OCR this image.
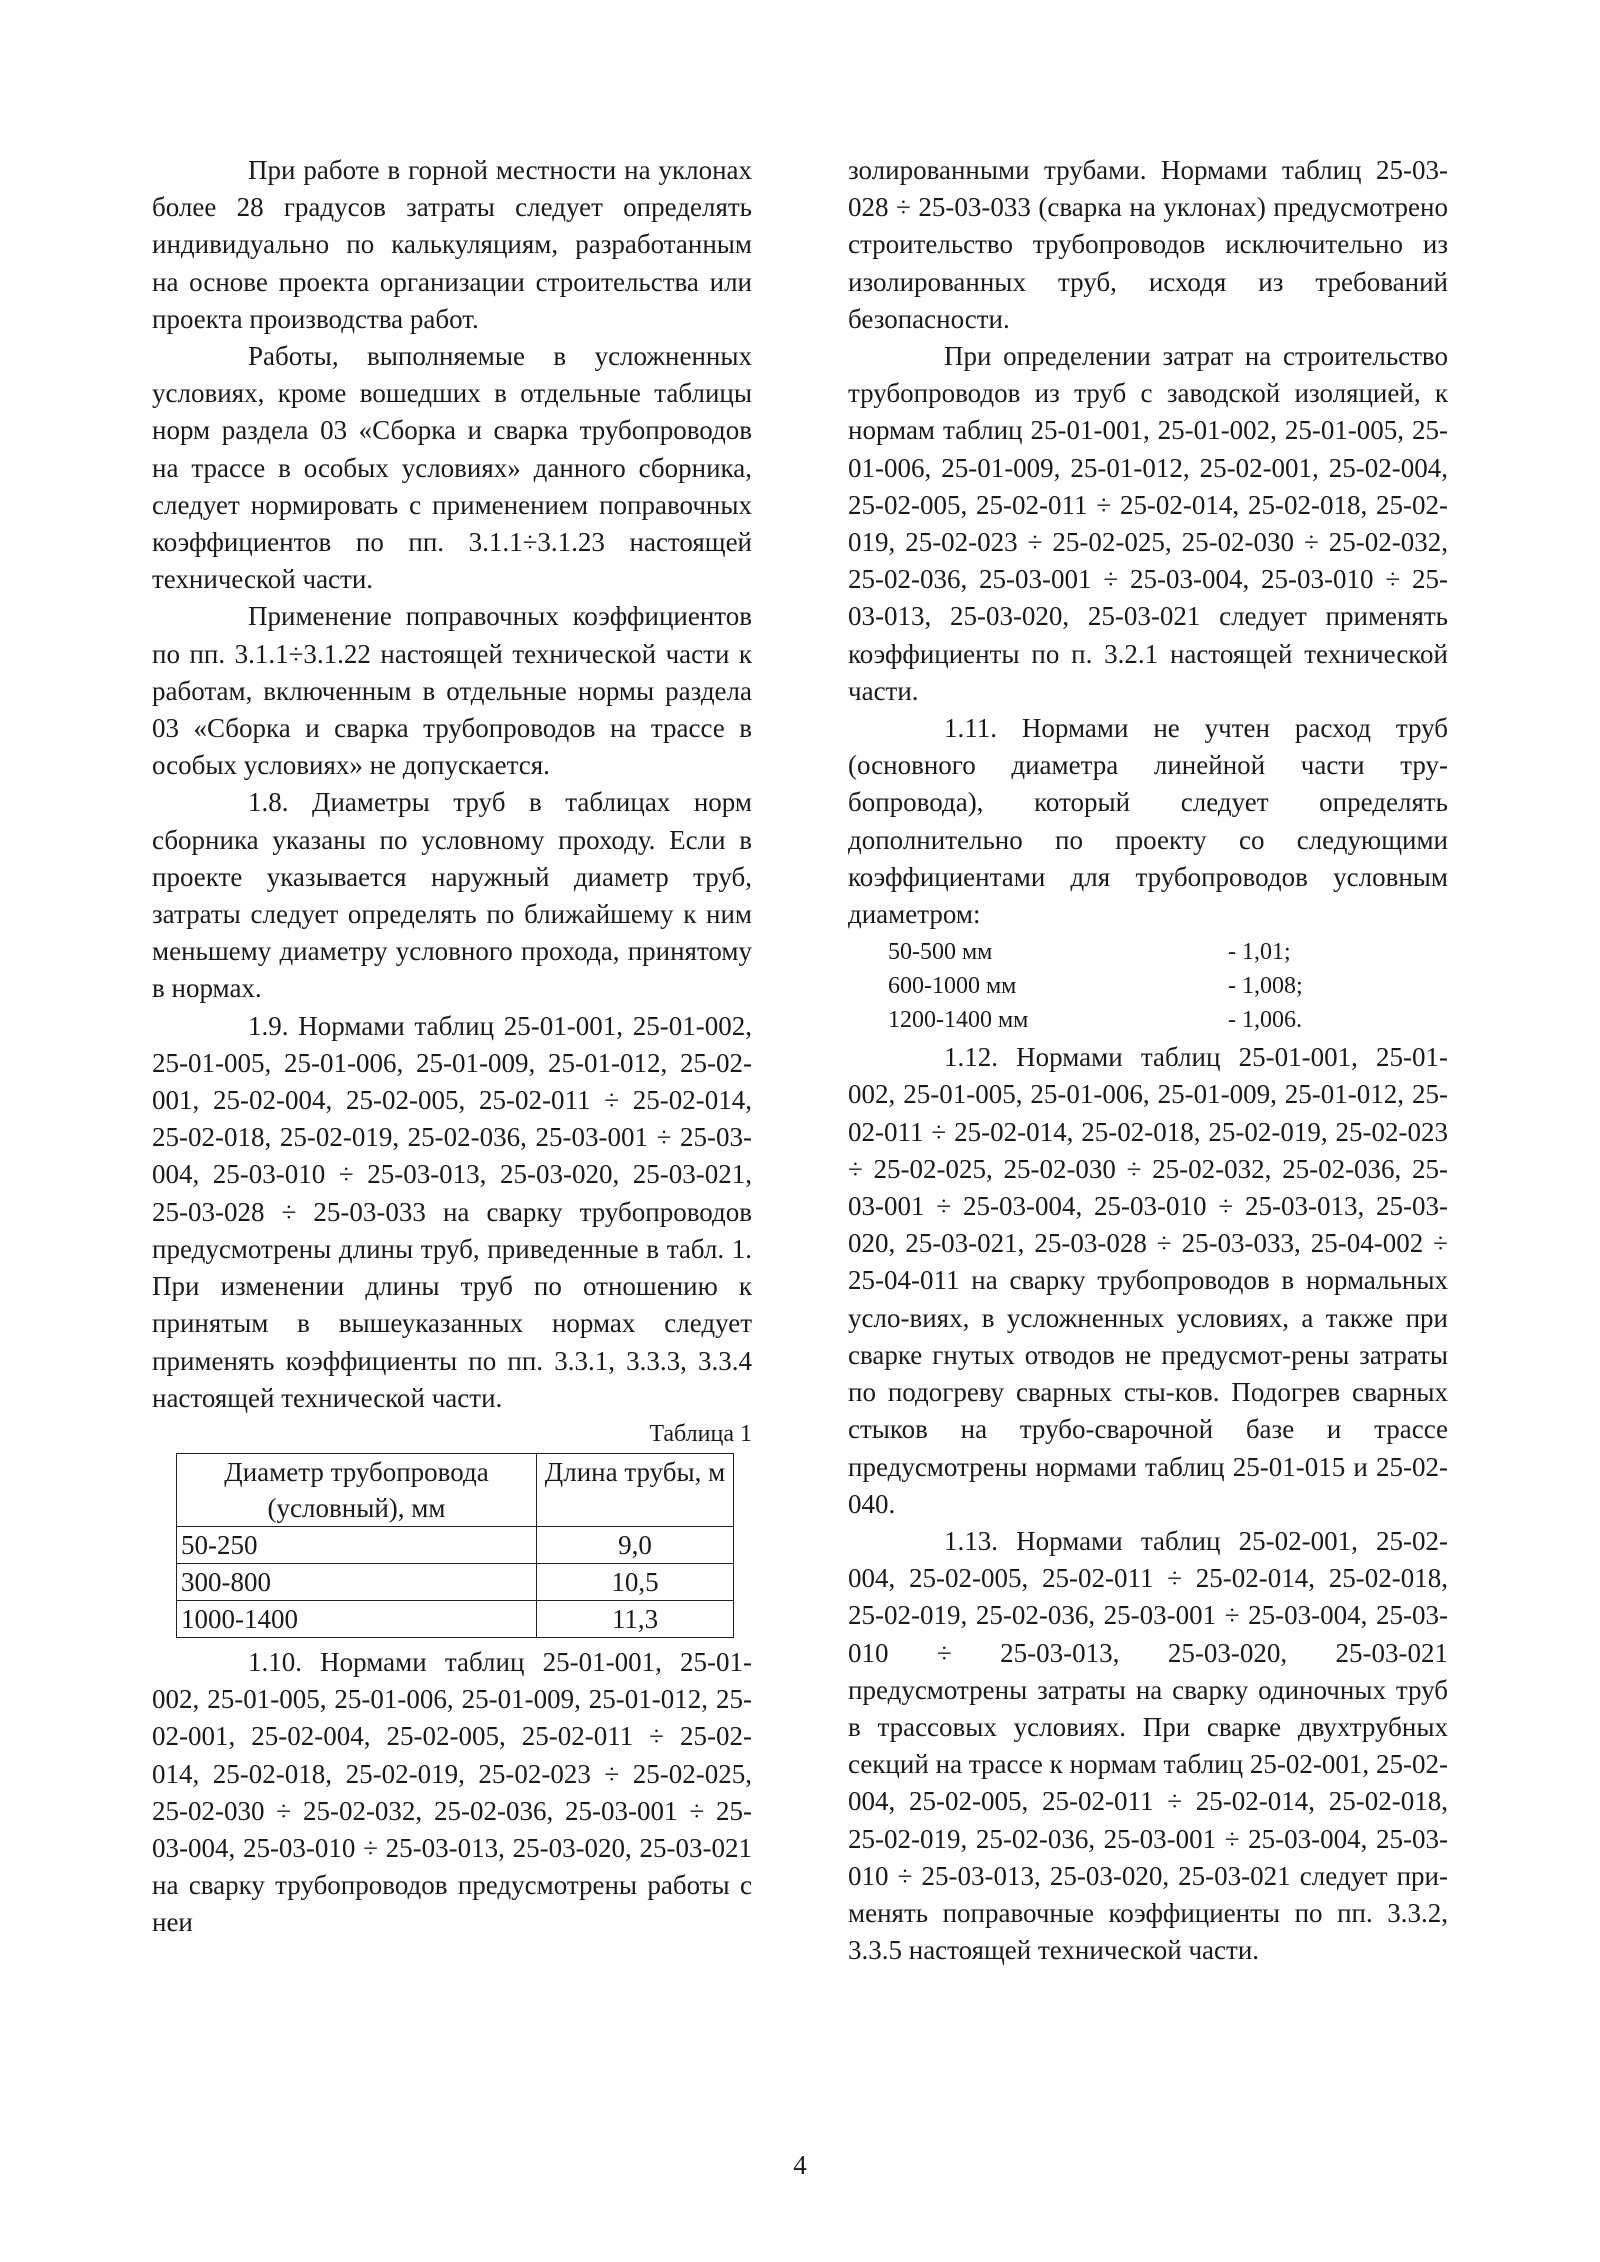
При работе в горной местности на уклонах более 28 градусов затраты следует определять индивидуально по калькуляциям, разработанным на основе проекта организации строительства или проекта производства работ.

Работы, выполняемые в усложненных условиях, кроме вошедших в отдельные таблицы норм раздела 03 «Сборка и сварка трубопроводов на трассе в особых условиях» данного сборника, следует нормировать с применением поправочных коэффициентов по пп. 3.1.1÷3.1.23 настоящей технической части.

Применение поправочных коэффициентов по пп. 3.1.1÷3.1.22 настоящей технической части к работам, включенным в отдельные нормы раздела 03 «Сборка и сварка трубопроводов на трассе в особых условиях» не допускается.

1.8. Диаметры труб в таблицах норм сборника указаны по условному проходу. Если в проекте указывается наружный диаметр труб, затраты следует определять по ближайшему к ним меньшему диаметру условного прохода, принятому в нормах.

1.9. Нормами таблиц 25-01-001, 25-01-002, 25-01-005, 25-01-006, 25-01-009, 25-01-012, 25-02-001, 25-02-004, 25-02-005, 25-02-011 ÷ 25-02-014, 25-02-018, 25-02-019, 25-02-036, 25-03-001 ÷ 25-03-004, 25-03-010 ÷ 25-03-013, 25-03-020, 25-03-021, 25-03-028 ÷ 25-03-033 на сварку трубопроводов предусмотрены длины труб, приведенные в табл. 1. При изменении длины труб по отношению к принятым в вышеуказанных нормах следует применять коэффициенты по пп. 3.3.1, 3.3.3, 3.3.4 настоящей технической части.

Таблица 1
Диаметр трубопровода (условный), мм	Длина трубы, м
50-250	9,0
300-800	10,5
1000-1400	11,3

1.10. Нормами таблиц 25-01-001, 25-01-002, 25-01-005, 25-01-006, 25-01-009, 25-01-012, 25-02-001, 25-02-004, 25-02-005, 25-02-011 ÷ 25-02-014, 25-02-018, 25-02-019, 25-02-023 ÷ 25-02-025, 25-02-030 ÷ 25-02-032, 25-02-036, 25-03-001 ÷ 25-03-004, 25-03-010 ÷ 25-03-013, 25-03-020, 25-03-021 на сварку трубопроводов предусмотрены работы с неи

золированными трубами. Нормами таблиц 25-03-028 ÷ 25-03-033 (сварка на уклонах) предусмотрено строительство трубопроводов исключительно из изолированных труб, исходя из требований безопасности.

При определении затрат на строительство трубопроводов из труб с заводской изоляцией, к нормам таблиц 25-01-001, 25-01-002, 25-01-005, 25-01-006, 25-01-009, 25-01-012, 25-02-001, 25-02-004, 25-02-005, 25-02-011 ÷ 25-02-014, 25-02-018, 25-02-019, 25-02-023 ÷ 25-02-025, 25-02-030 ÷ 25-02-032, 25-02-036, 25-03-001 ÷ 25-03-004, 25-03-010 ÷ 25-03-013, 25-03-020, 25-03-021 следует применять коэффициенты по п. 3.2.1 настоящей технической части.

1.11. Нормами не учтен расход труб (основного диаметра линейной части трубопровода), который следует определять дополнительно по проекту со следующими коэффициентами для трубопроводов условным диаметром:

50-500 мм	- 1,01;
600-1000 мм	- 1,008;
1200-1400 мм	- 1,006.

1.12. Нормами таблиц 25-01-001, 25-01-002, 25-01-005, 25-01-006, 25-01-009, 25-01-012, 25-02-011 ÷ 25-02-014, 25-02-018, 25-02-019, 25-02-023 ÷ 25-02-025, 25-02-030 ÷ 25-02-032, 25-02-036, 25-03-001 ÷ 25-03-004, 25-03-010 ÷ 25-03-013, 25-03-020, 25-03-021, 25-03-028 ÷ 25-03-033, 25-04-002 ÷ 25-04-011 на сварку трубопроводов в нормальных усло-виях, в усложненных условиях, а также при сварке гнутых отводов не предусмот-рены затраты по подогреву сварных сты-ков. Подогрев сварных стыков на трубо-сварочной базе и трассе предусмотрены нормами таблиц 25-01-015 и 25-02-040.

1.13. Нормами таблиц 25-02-001, 25-02-004, 25-02-005, 25-02-011 ÷ 25-02-014, 25-02-018, 25-02-019, 25-02-036, 25-03-001 ÷ 25-03-004, 25-03-010 ÷ 25-03-013, 25-03-020, 25-03-021 предусмотрены затраты на сварку одиночных труб в трассовых условиях. При сварке двухтрубных секций на трассе к нормам таблиц 25-02-001, 25-02-004, 25-02-005, 25-02-011 ÷ 25-02-014, 25-02-018, 25-02-019, 25-02-036, 25-03-001 ÷ 25-03-004, 25-03-010 ÷ 25-03-013, 25-03-020, 25-03-021 следует применять поправочные коэффициенты по пп. 3.3.2, 3.3.5 настоящей технической части.

4
